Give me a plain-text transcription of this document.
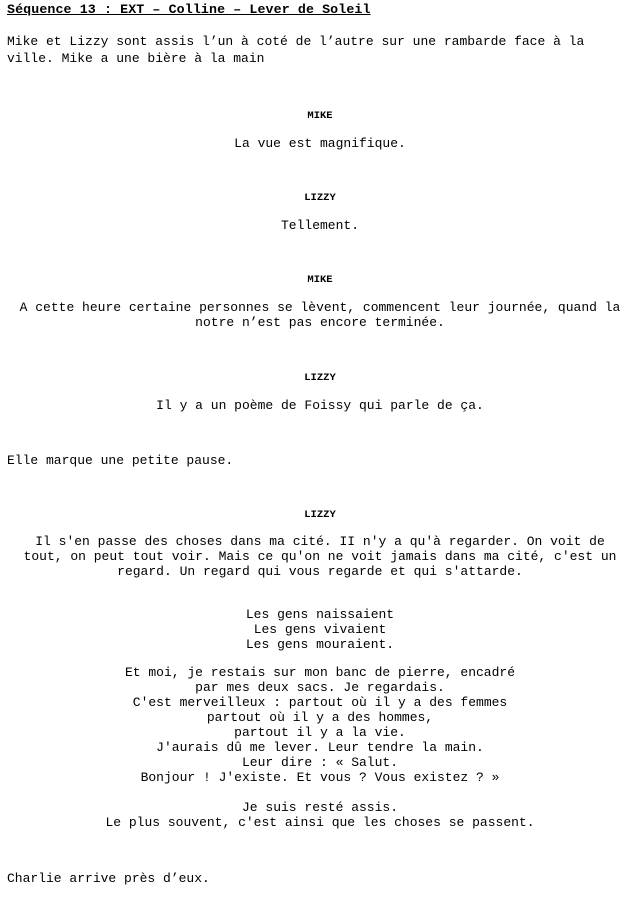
Séquence 13 : EXT – Colline – Lever de Soleil
Mike et Lizzy sont assis l’un à coté de l’autre sur une rambarde face à la
ville. Mike a une bière à la main
MIKE
La vue est magnifique.
LIZZY
Tellement.
MIKE
A cette heure certaine personnes se lèvent, commencent leur journée, quand la
notre n’est pas encore terminée.
LIZZY
Il y a un poème de Foissy qui parle de ça.
Elle marque une petite pause.
LIZZY
Il s'en passe des choses dans ma cité. II n'y a qu'à regarder. On voit de
tout, on peut tout voir. Mais ce qu'on ne voit jamais dans ma cité, c'est un
regard. Un regard qui vous regarde et qui s'attarde.
Les gens naissaient
Les gens vivaient
Les gens mouraient.
Et moi, je restais sur mon banc de pierre, encadré
par mes deux sacs. Je regardais.
C'est merveilleux : partout où il y a des femmes
partout où il y a des hommes,
partout il y a la vie.
J'aurais dû me lever. Leur tendre la main.
Leur dire : « Salut.
Bonjour ! J'existe. Et vous ? Vous existez ? »
Je suis resté assis.
Le plus souvent, c'est ainsi que les choses se passent.
Charlie arrive près d’eux.
